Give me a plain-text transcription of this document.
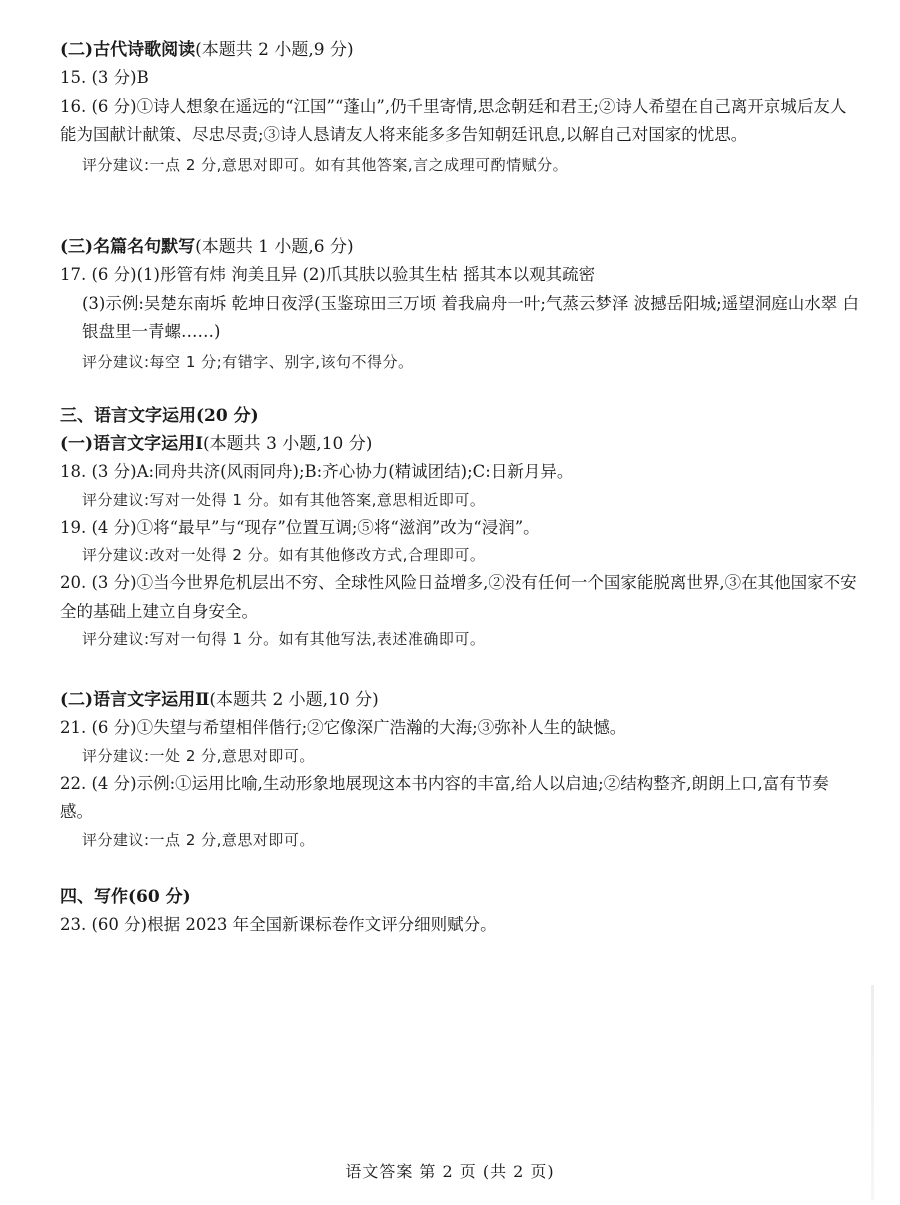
(二)古代诗歌阅读(本题共 2 小题,9 分)
15. (3 分)B
16. (6 分)①诗人想象在遥远的“江国”“蓬山”,仍千里寄情,思念朝廷和君王;②诗人希望在自己离开京城后友人能为国献计献策、尽忠尽责;③诗人恳请友人将来能多多告知朝廷讯息,以解自己对国家的忧思。
评分建议:一点 2 分,意思对即可。如有其他答案,言之成理可酌情赋分。
(三)名篇名句默写(本题共 1 小题,6 分)
17. (6 分)(1)彤管有炜 洵美且异 (2)爪其肤以验其生枯 摇其本以观其疏密
(3)示例:吴楚东南坼 乾坤日夜浮(玉鉴琼田三万顷 着我扁舟一叶;气蒸云梦泽 波撼岳阳城;遥望洞庭山水翠 白银盘里一青螺……)
评分建议:每空 1 分;有错字、别字,该句不得分。
三、语言文字运用(20 分)
(一)语言文字运用Ⅰ(本题共 3 小题,10 分)
18. (3 分)A:同舟共济(风雨同舟);B:齐心协力(精诚团结);C:日新月异。
评分建议:写对一处得 1 分。如有其他答案,意思相近即可。
19. (4 分)①将“最早”与“现存”位置互调;⑤将“滋润”改为“浸润”。
评分建议:改对一处得 2 分。如有其他修改方式,合理即可。
20. (3 分)①当今世界危机层出不穷、全球性风险日益增多,②没有任何一个国家能脱离世界,③在其他国家不安全的基础上建立自身安全。
评分建议:写对一句得 1 分。如有其他写法,表述准确即可。
(二)语言文字运用Ⅱ(本题共 2 小题,10 分)
21. (6 分)①失望与希望相伴偕行;②它像深广浩瀚的大海;③弥补人生的缺憾。
评分建议:一处 2 分,意思对即可。
22. (4 分)示例:①运用比喻,生动形象地展现这本书内容的丰富,给人以启迪;②结构整齐,朗朗上口,富有节奏感。
评分建议:一点 2 分,意思对即可。
四、写作(60 分)
23. (60 分)根据 2023 年全国新课标卷作文评分细则赋分。
语文答案 第 2 页 (共 2 页)
